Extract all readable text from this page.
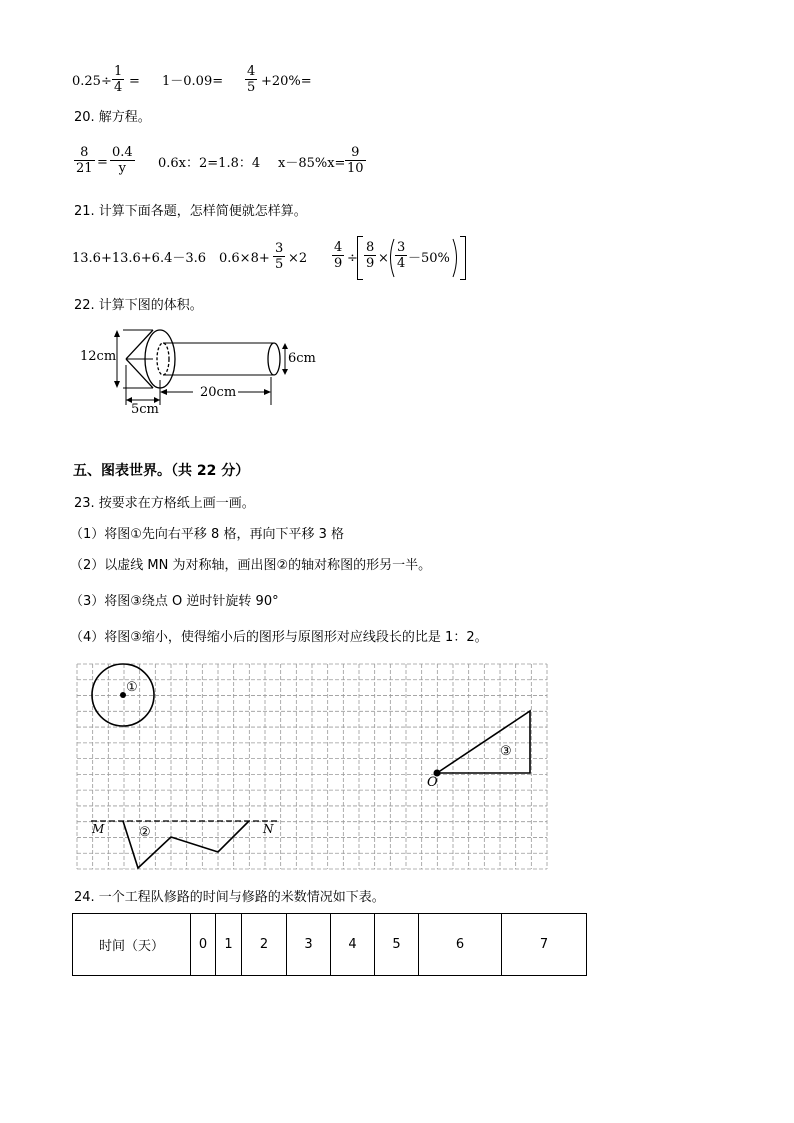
0.25÷
1
4 = 1－0.09=
4
5 +20%=
20. 解方程。
8
21 =
0.4
y	0.6x：2=1.8：4 x－85%x=
9
10
21. 计算下面各题，怎样简便就怎样算。
13.6+13.6+6.4－3.6 0.6×8+
3
5 ×2
4
9 ÷
8
9 ×
3
4 －50%
22. 计算下图的体积。
12cm	6cm
20cm
5cm
五、图表世界。（共 22 分）
23. 按要求在方格纸上画一画。
（1）将图①先向右平移 8 格，再向下平移 3 格
（2）以虚线 MN 为对称轴，画出图②的轴对称图的形另一半。
（3）将图③绕点 O 逆时针旋转 90°
（4）将图③缩小，使得缩小后的图形与原图形对应线段长的比是 1：2。
①
②
③
O
M	N
24. 一个工程队修路的时间与修路的米数情况如下表。
时间（天）	0	1	2	3	4	5	6	7
